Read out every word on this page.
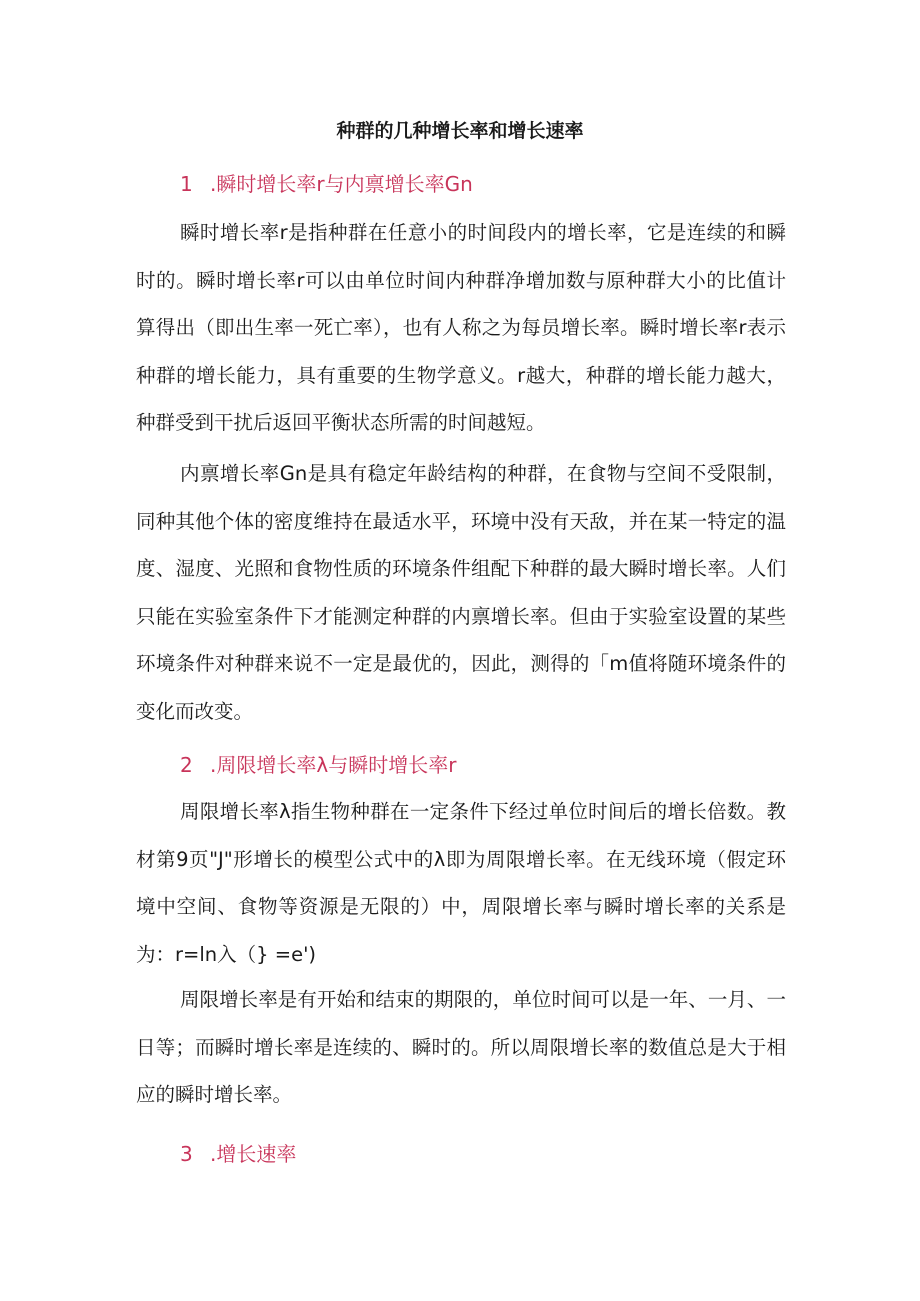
种群的几种增长率和增长速率
1 .瞬时增长率r与内禀增长率Gn

瞬时增长率r是指种群在任意小的时间段内的增长率，它是连续的和瞬时的。瞬时增长率r可以由单位时间内种群净增加数与原种群大小的比值计算得出（即出生率一死亡率），也有人称之为每员增长率。瞬时增长率r表示种群的增长能力，具有重要的生物学意义。r越大，种群的增长能力越大，种群受到干扰后返回平衡状态所需的时间越短。

内禀增长率Gn是具有稳定年龄结构的种群，在食物与空间不受限制，同种其他个体的密度维持在最适水平，环境中没有天敌，并在某一特定的温度、湿度、光照和食物性质的环境条件组配下种群的最大瞬时增长率。人们只能在实验室条件下才能测定种群的内禀增长率。但由于实验室设置的某些环境条件对种群来说不一定是最优的，因此，测得的「m值将随环境条件的变化而改变。

2 .周限增长率λ与瞬时增长率r

周限增长率λ指生物种群在一定条件下经过单位时间后的增长倍数。教材第9页"J"形增长的模型公式中的λ即为周限增长率。在无线环境（假定环境中空间、食物等资源是无限的）中，周限增长率与瞬时增长率的关系是为：r=ln入（} =e')

周限增长率是有开始和结束的期限的，单位时间可以是一年、一月、一日等；而瞬时增长率是连续的、瞬时的。所以周限增长率的数值总是大于相应的瞬时增长率。

3 .增长速率
